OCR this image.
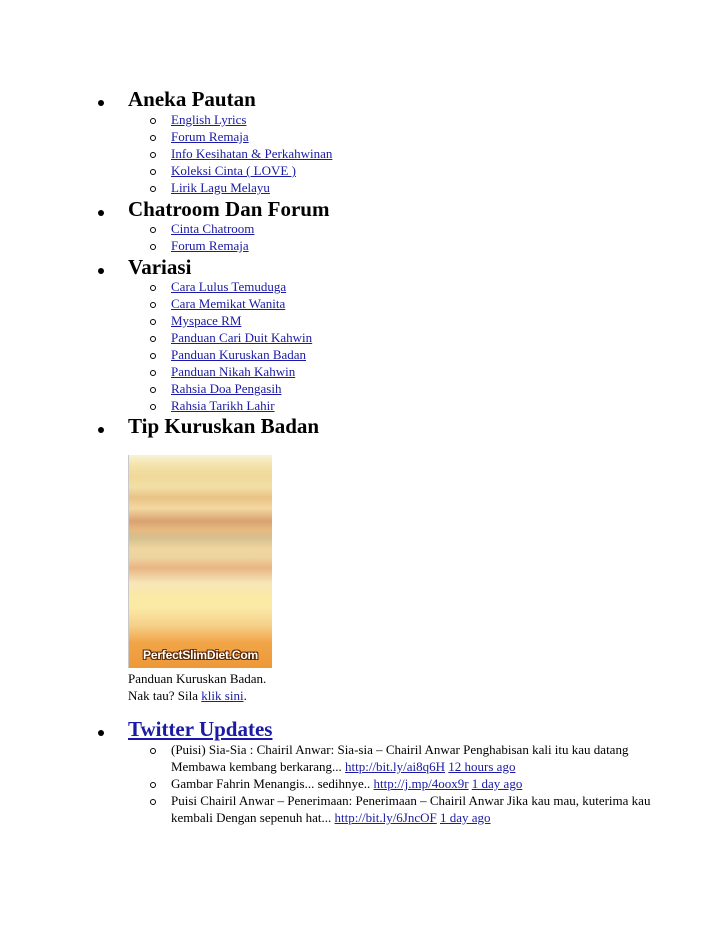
Aneka Pautan
English Lyrics
Forum Remaja
Info Kesihatan & Perkahwinan
Koleksi Cinta ( LOVE )
Lirik Lagu Melayu
Chatroom Dan Forum
Cinta Chatroom
Forum Remaja
Variasi
Cara Lulus Temuduga
Cara Memikat Wanita
Myspace RM
Panduan Cari Duit Kahwin
Panduan Kuruskan Badan
Panduan Nikah Kahwin
Rahsia Doa Pengasih
Rahsia Tarikh Lahir
Tip Kuruskan Badan
PerfectSlimDiet.Com
Panduan Kuruskan Badan.
Nak tau? Sila klik sini.
Twitter Updates
(Puisi) Sia-Sia : Chairil Anwar: Sia-sia – Chairil Anwar Penghabisan kali itu kau datang Membawa kembang berkarang... http://bit.ly/ai8q6H 12 hours ago
Gambar Fahrin Menangis... sedihnye.. http://j.mp/4oox9r 1 day ago
Puisi Chairil Anwar – Penerimaan: Penerimaan – Chairil Anwar Jika kau mau, kuterima kau kembali Dengan sepenuh hat... http://bit.ly/6JncOF 1 day ago
